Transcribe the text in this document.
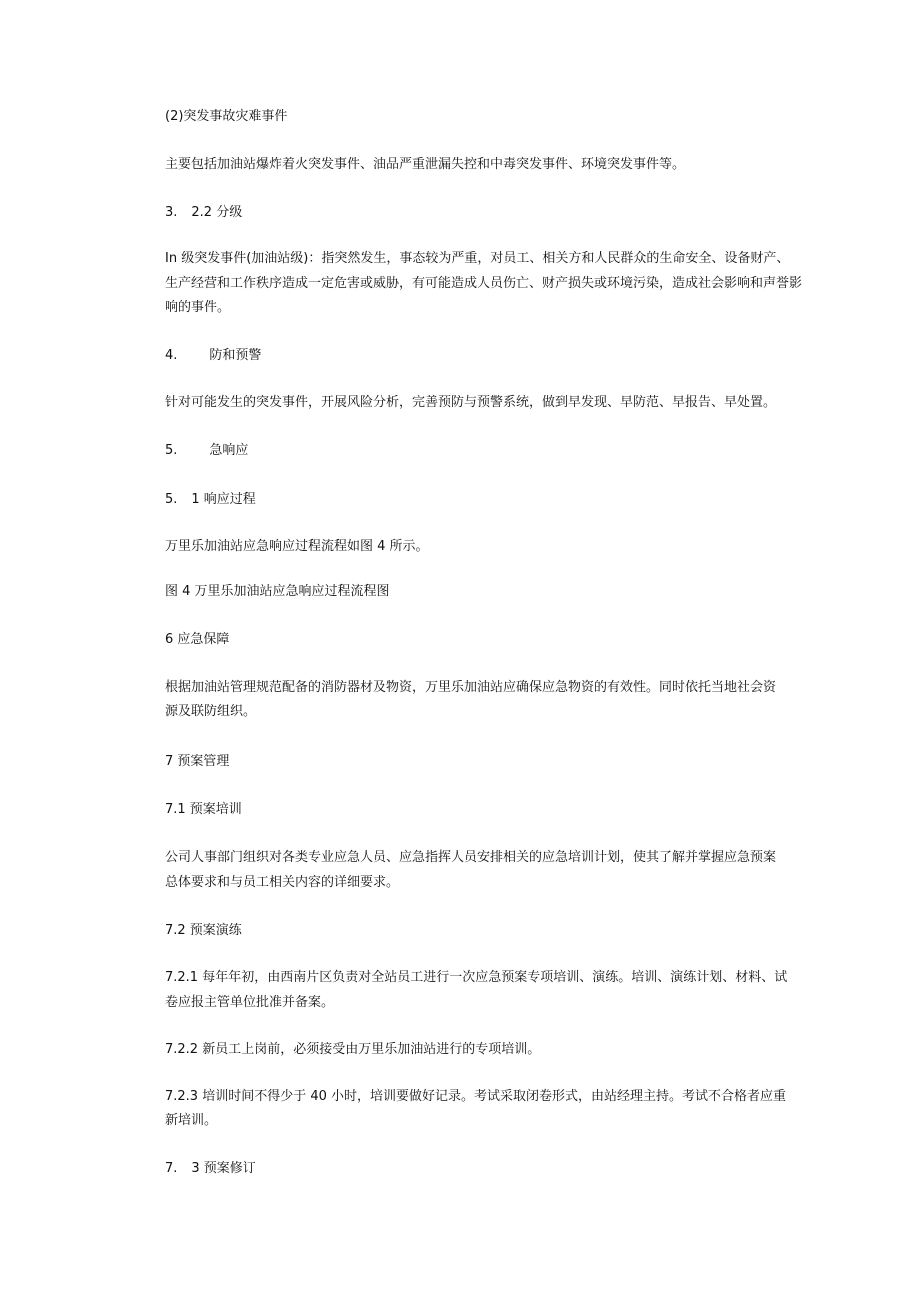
(2)突发事故灾难事件

主要包括加油站爆炸着火突发事件、油品严重泄漏失控和中毒突发事件、环境突发事件等。

3. 2.2 分级

In 级突发事件(加油站级)：指突然发生，事态较为严重，对员工、相关方和人民群众的生命安全、设备财产、

生产经营和工作秩序造成一定危害或威胁，有可能造成人员伤亡、财产损失或环境污染，造成社会影响和声誉影

响的事件。

4. 防和预警

针对可能发生的突发事件，开展风险分析，完善预防与预警系统，做到早发现、早防范、早报告、早处置。

5. 急响应

5. 1 响应过程

万里乐加油站应急响应过程流程如图 4 所示。

图 4 万里乐加油站应急响应过程流程图

6 应急保障

根据加油站管理规范配备的消防器材及物资，万里乐加油站应确保应急物资的有效性。同时依托当地社会资

源及联防组织。

7 预案管理

7.1 预案培训

公司人事部门组织对各类专业应急人员、应急指挥人员安排相关的应急培训计划，使其了解并掌握应急预案

总体要求和与员工相关内容的详细要求。

7.2 预案演练

7.2.1 每年年初，由西南片区负责对全站员工进行一次应急预案专项培训、演练。培训、演练计划、材料、试

卷应报主管单位批准并备案。

7.2.2 新员工上岗前，必须接受由万里乐加油站进行的专项培训。

7.2.3 培训时间不得少于 40 小时，培训要做好记录。考试采取闭卷形式，由站经理主持。考试不合格者应重

新培训。

7. 3 预案修订
